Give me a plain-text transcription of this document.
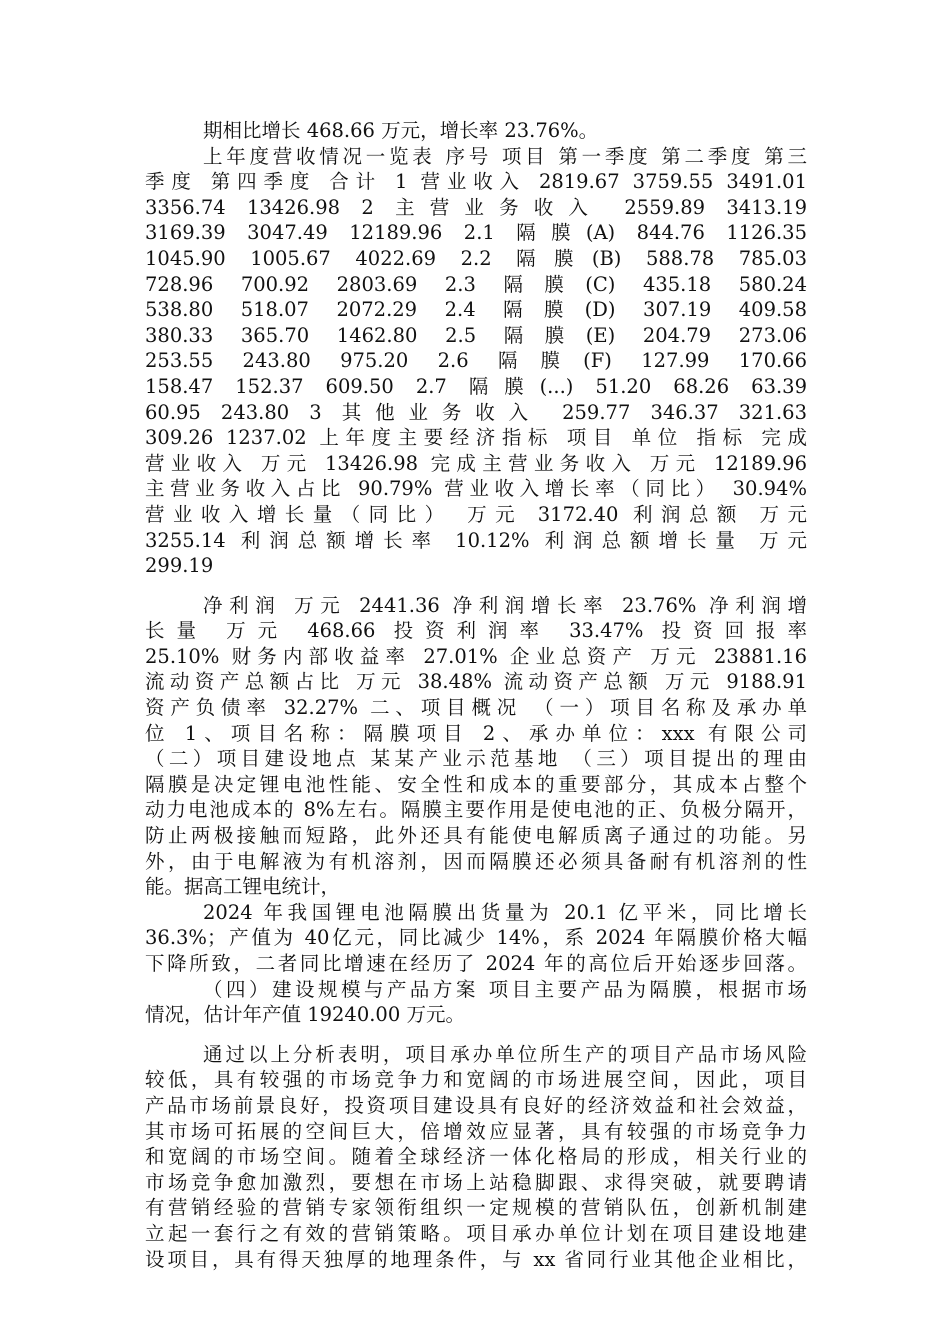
期相比增长 468.66 万元，增长率 23.76%。
上年度营收情况一览表 序号 项目 第一季度 第二季度 第三
季度 第四季度 合计 1 营业收入 2819.67 3759.55 3491.01
3356.74 13426.98 2 主营业务收入 2559.89 3413.19
3169.39 3047.49 12189.96 2.1 隔膜(A) 844.76 1126.35
1045.90 1005.67 4022.69 2.2 隔膜(B) 588.78 785.03
728.96 700.92 2803.69 2.3 隔膜(C) 435.18 580.24
538.80 518.07 2072.29 2.4 隔膜(D) 307.19 409.58
380.33 365.70 1462.80 2.5 隔膜(E) 204.79 273.06
253.55 243.80 975.20 2.6 隔膜(F) 127.99 170.66
158.47 152.37 609.50 2.7 隔膜(...) 51.20 68.26 63.39
60.95 243.80 3 其他业务收入 259.77 346.37 321.63
309.26 1237.02 上年度主要经济指标 项目 单位 指标 完成
营业收入 万元 13426.98 完成主营业务收入 万元 12189.96
主营业务收入占比 90.79% 营业收入增长率（同比） 30.94%
营业收入增长量（同比） 万元 3172.40 利润总额 万元
3255.14 利润总额增长率 10.12% 利润总额增长量 万元
299.19
净利润 万元 2441.36 净利润增长率 23.76% 净利润增
长量 万元 468.66 投资利润率 33.47% 投资回报率
25.10% 财务内部收益率 27.01% 企业总资产 万元 23881.16
流动资产总额占比 万元 38.48% 流动资产总额 万元 9188.91
资产负债率 32.27% 二、项目概况 （一）项目名称及承办单
位 1、项目名称：隔膜项目 2、承办单位：xxx 有限公司
（二）项目建设地点 某某产业示范基地 （三）项目提出的理由
隔膜是决定锂电池性能、安全性和成本的重要部分，其成本占整个
动力电池成本的 8%左右。隔膜主要作用是使电池的正、负极分隔开，
防止两极接触而短路，此外还具有能使电解质离子通过的功能。另
外，由于电解液为有机溶剂，因而隔膜还必须具备耐有机溶剂的性
能。据高工锂电统计，
2024 年我国锂电池隔膜出货量为 20.1 亿平米，同比增长
36.3%；产值为 40亿元，同比减少 14%，系 2024 年隔膜价格大幅
下降所致，二者同比增速在经历了 2024 年的高位后开始逐步回落。
（四）建设规模与产品方案 项目主要产品为隔膜，根据市场
情况，估计年产值 19240.00 万元。
通过以上分析表明，项目承办单位所生产的项目产品市场风险
较低，具有较强的市场竞争力和宽阔的市场进展空间，因此，项目
产品市场前景良好，投资项目建设具有良好的经济效益和社会效益，
其市场可拓展的空间巨大，倍增效应显著，具有较强的市场竞争力
和宽阔的市场空间。随着全球经济一体化格局的形成，相关行业的
市场竞争愈加激烈，要想在市场上站稳脚跟、求得突破，就要聘请
有营销经验的营销专家领衔组织一定规模的营销队伍，创新机制建
立起一套行之有效的营销策略。项目承办单位计划在项目建设地建
设项目，具有得天独厚的地理条件，与 xx 省同行业其他企业相比，
